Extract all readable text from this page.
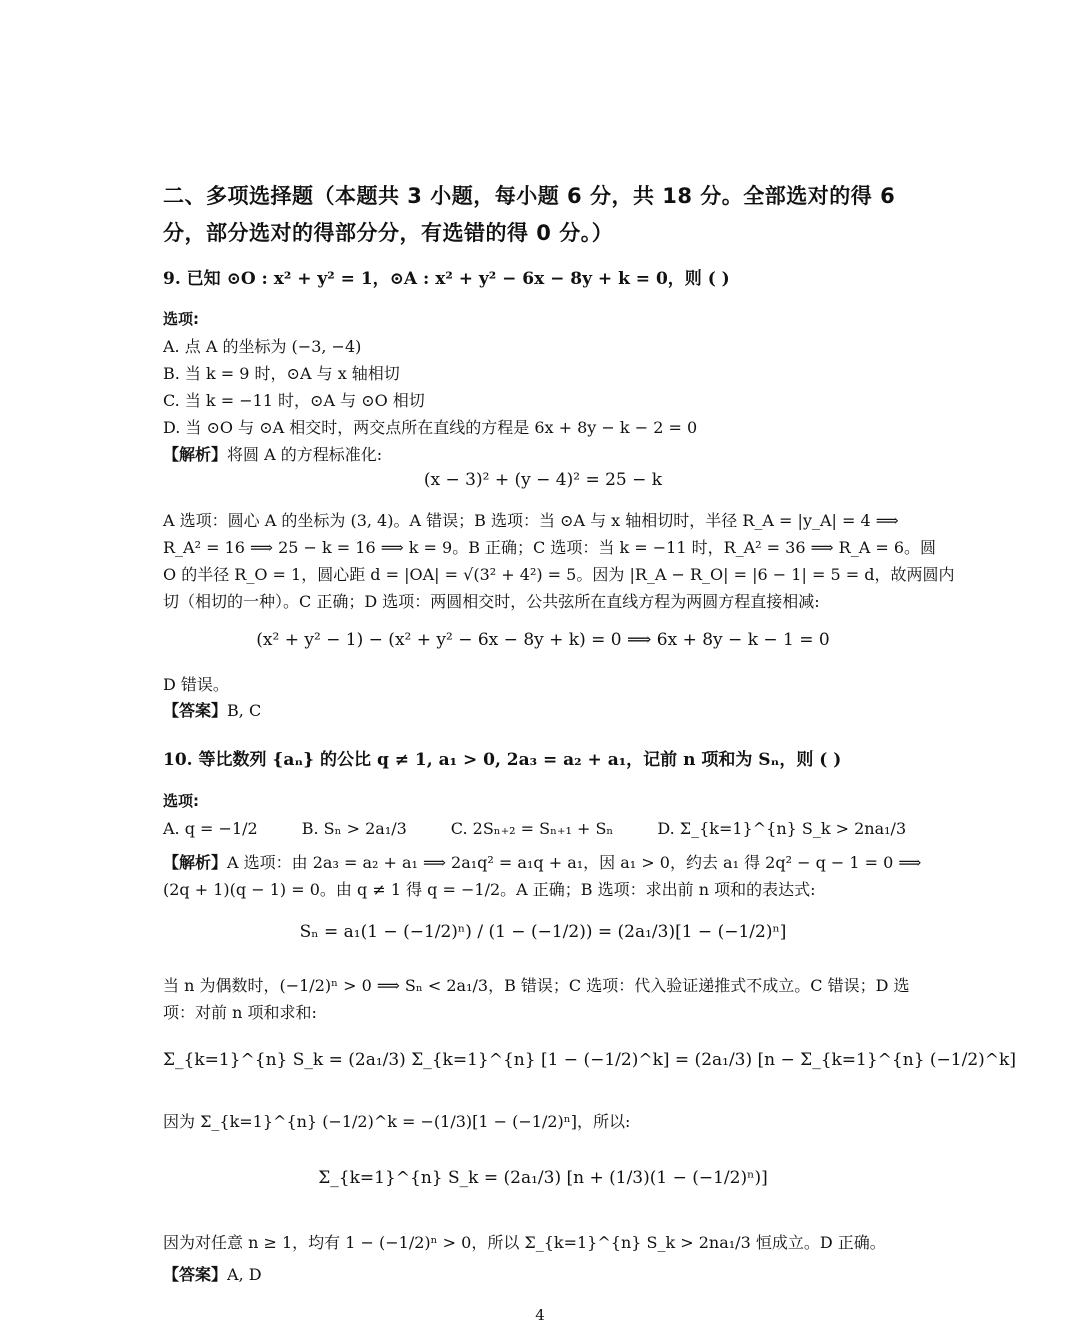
二、多项选择题（本题共 3 小题，每小题 6 分，共 18 分。全部选对的得 6
分，部分选对的得部分分，有选错的得 0 分。）
9. 已知 ⊙O : x² + y² = 1，⊙A : x² + y² − 6x − 8y + k = 0，则 ( )
选项:
A. 点 A 的坐标为 (−3, −4)
B. 当 k = 9 时，⊙A 与 x 轴相切
C. 当 k = −11 时，⊙A 与 ⊙O 相切
D. 当 ⊙O 与 ⊙A 相交时，两交点所在直线的方程是 6x + 8y − k − 2 = 0
【解析】将圆 A 的方程标准化:
(x − 3)² + (y − 4)² = 25 − k
A 选项：圆心 A 的坐标为 (3, 4)。A 错误；B 选项：当 ⊙A 与 x 轴相切时，半径 R_A = |y_A| = 4 ⟹
R_A² = 16 ⟹ 25 − k = 16 ⟹ k = 9。B 正确；C 选项：当 k = −11 时，R_A² = 36 ⟹ R_A = 6。圆
O 的半径 R_O = 1，圆心距 d = |OA| = √(3² + 4²) = 5。因为 |R_A − R_O| = |6 − 1| = 5 = d，故两圆内
切（相切的一种）。C 正确；D 选项：两圆相交时，公共弦所在直线方程为两圆方程直接相减:
(x² + y² − 1) − (x² + y² − 6x − 8y + k) = 0 ⟹ 6x + 8y − k − 1 = 0
D 错误。
【答案】B, C
10. 等比数列 {aₙ} 的公比 q ≠ 1, a₁ > 0, 2a₃ = a₂ + a₁，记前 n 项和为 Sₙ，则 ( )
选项:
A. q = −1/2	B. Sₙ > 2a₁/3	C. 2Sₙ₊₂ = Sₙ₊₁ + Sₙ	D. Σ_{k=1}^{n} S_k > 2na₁/3
【解析】A 选项：由 2a₃ = a₂ + a₁ ⟹ 2a₁q² = a₁q + a₁，因 a₁ > 0，约去 a₁ 得 2q² − q − 1 = 0 ⟹
(2q + 1)(q − 1) = 0。由 q ≠ 1 得 q = −1/2。A 正确；B 选项：求出前 n 项和的表达式:
Sₙ = a₁(1 − (−1/2)ⁿ) / (1 − (−1/2)) = (2a₁/3)[1 − (−1/2)ⁿ]
当 n 为偶数时，(−1/2)ⁿ > 0 ⟹ Sₙ < 2a₁/3，B 错误；C 选项：代入验证递推式不成立。C 错误；D 选
项：对前 n 项和求和:
Σ_{k=1}^{n} S_k = (2a₁/3) Σ_{k=1}^{n} [1 − (−1/2)^k] = (2a₁/3) [n − Σ_{k=1}^{n} (−1/2)^k]
因为 Σ_{k=1}^{n} (−1/2)^k = −(1/3)[1 − (−1/2)ⁿ]，所以:
Σ_{k=1}^{n} S_k = (2a₁/3) [n + (1/3)(1 − (−1/2)ⁿ)]
因为对任意 n ≥ 1，均有 1 − (−1/2)ⁿ > 0，所以 Σ_{k=1}^{n} S_k > 2na₁/3 恒成立。D 正确。
【答案】A, D
4
